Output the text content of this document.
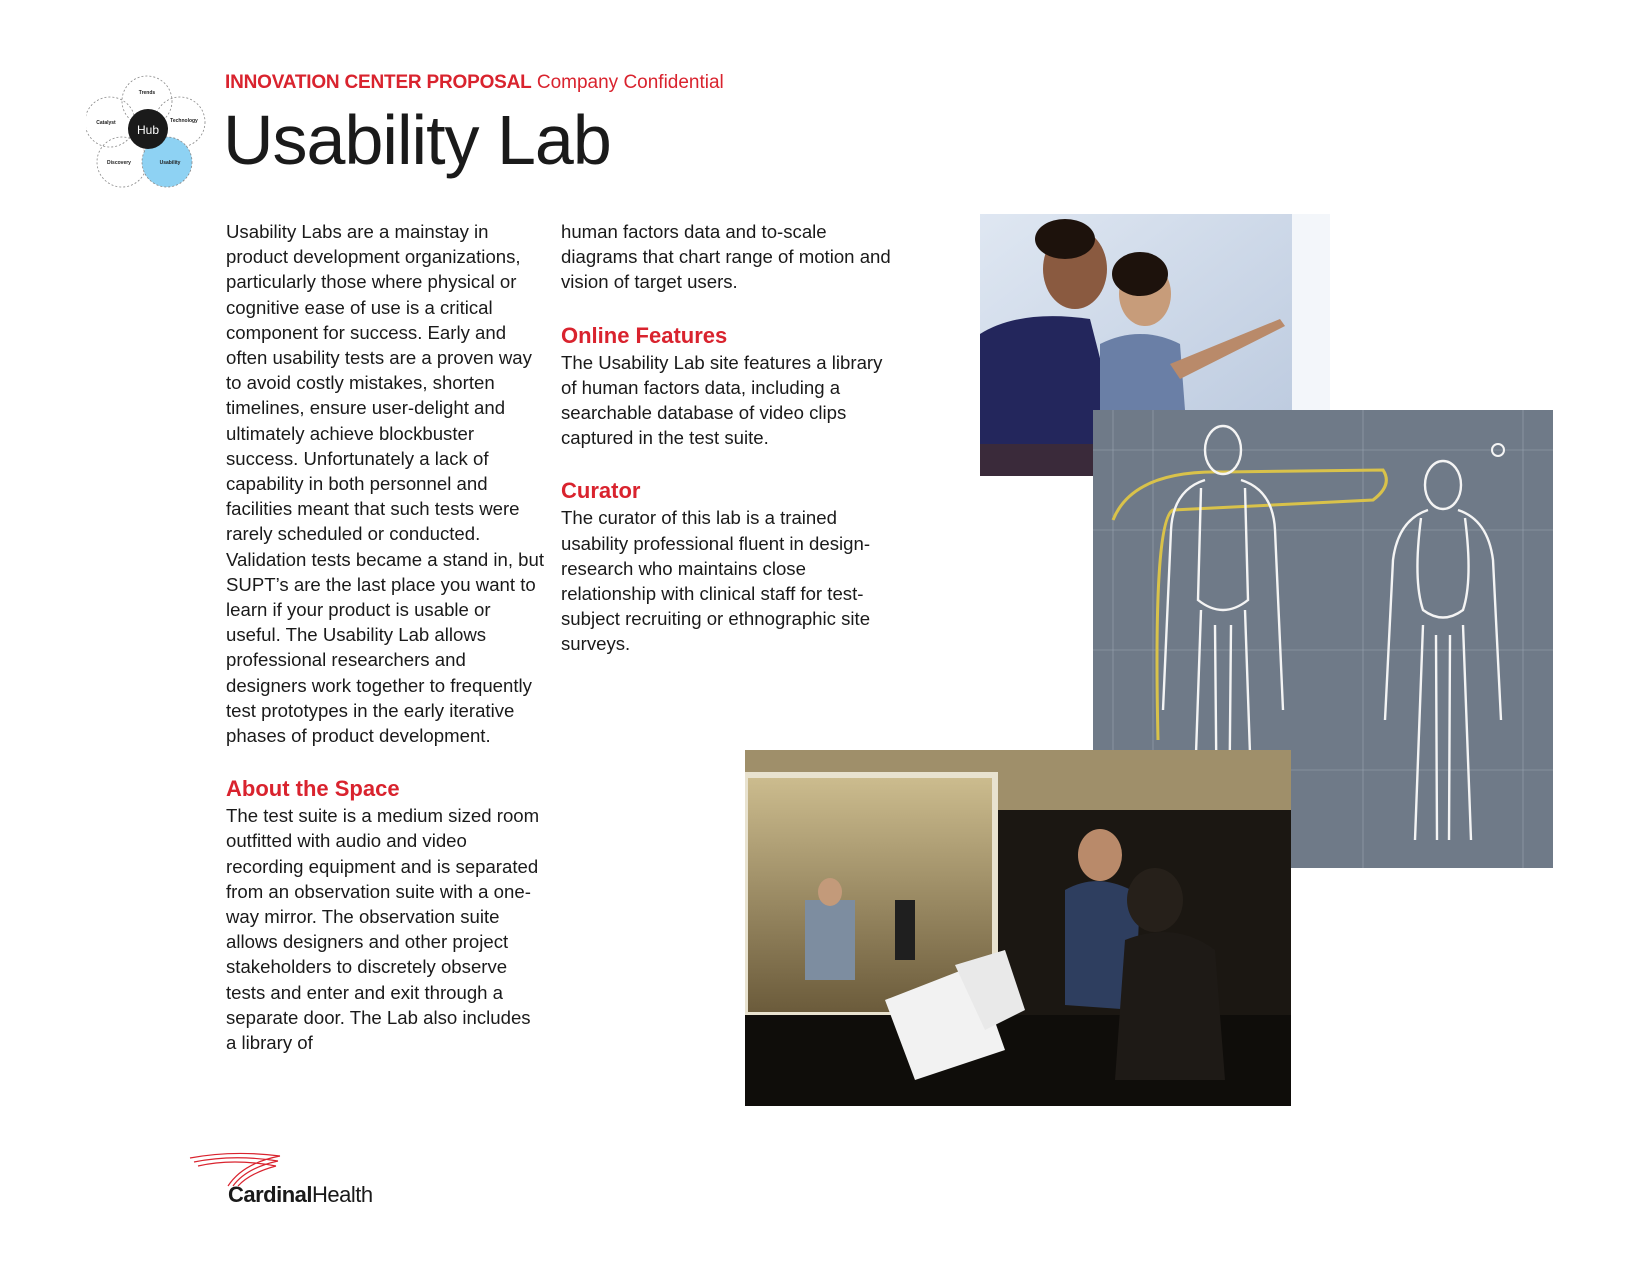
Hub
Trends
Technology
Usability
Discovery
Catalyst
INNOVATION CENTER PROPOSAL Company Confidential
Usability Lab

Usability Labs are a mainstay in product development organizations, particularly those where physical or cognitive ease of use is a critical component for success. Early and often usability tests are a proven way to avoid costly mistakes, shorten timelines, ensure user-delight and ultimately achieve blockbuster success. Unfortunately a lack of capability in both personnel and facilities meant that such tests were rarely scheduled or conducted. Validation tests became a stand in, but SUPT’s are the last place you want to learn if your product is usable or useful. The Usability Lab allows professional researchers and designers work together to frequently test prototypes in the early iterative phases of product development.

About the Space

The test suite is a medium sized room outfitted with audio and video recording equipment and is separated from an observation suite with a one-way mirror. The observation suite allows designers and other project stakeholders to discretely observe tests and enter and exit through a separate door. The Lab also includes a library of

human factors data and to-scale diagrams that chart range of motion and vision of target users.

Online Features

The Usability Lab site features a library of human factors data, including a searchable database of video clips captured in the test suite.

Curator

The curator of this lab is a trained usability professional fluent in design-research who maintains close relationship with clinical staff for test-subject recruiting or ethnographic site surveys.

CardinalHealth
